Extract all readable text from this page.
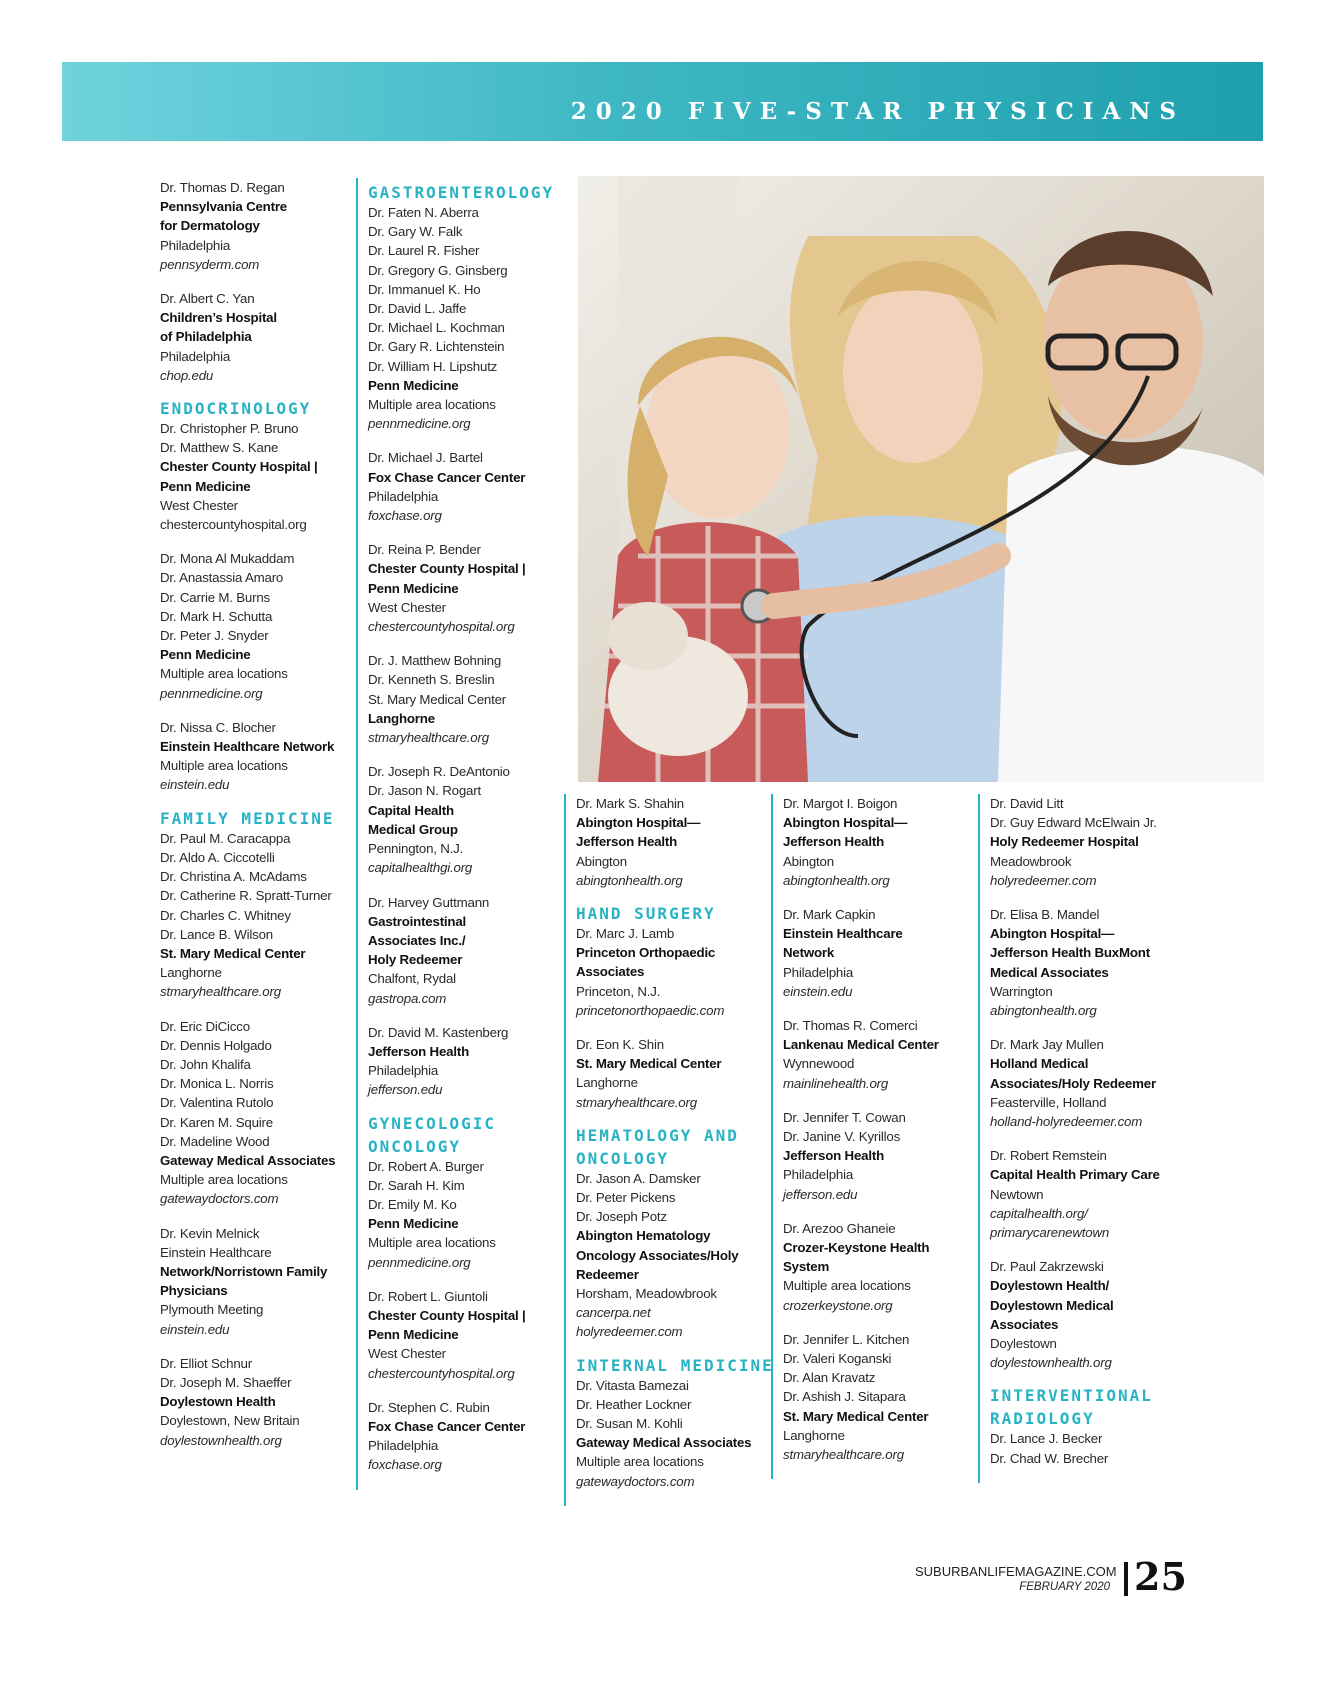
2020 FIVE-STAR PHYSICIANS
Dr. Thomas D. Regan
Pennsylvania Centre
for Dermatology
Philadelphia
pennsyderm.com
Dr. Albert C. Yan
Children’s Hospital
of Philadelphia
Philadelphia
chop.edu
ENDOCRINOLOGY
Dr. Christopher P. Bruno
Dr. Matthew S. Kane
Chester County Hospital |
Penn Medicine
West Chester
chestercountyhospital.org
Dr. Mona Al Mukaddam
Dr. Anastassia Amaro
Dr. Carrie M. Burns
Dr. Mark H. Schutta
Dr. Peter J. Snyder
Penn Medicine
Multiple area locations
pennmedicine.org
Dr. Nissa C. Blocher
Einstein Healthcare Network
Multiple area locations
einstein.edu
FAMILY MEDICINE
Dr. Paul M. Caracappa
Dr. Aldo A. Ciccotelli
Dr. Christina A. McAdams
Dr. Catherine R. Spratt-Turner
Dr. Charles C. Whitney
Dr. Lance B. Wilson
St. Mary Medical Center
Langhorne
stmaryhealthcare.org
Dr. Eric DiCicco
Dr. Dennis Holgado
Dr. John Khalifa
Dr. Monica L. Norris
Dr. Valentina Rutolo
Dr. Karen M. Squire
Dr. Madeline Wood
Gateway Medical Associates
Multiple area locations
gatewaydoctors.com
Dr. Kevin Melnick
Einstein Healthcare
Network/Norristown Family
Physicians
Plymouth Meeting
einstein.edu
Dr. Elliot Schnur
Dr. Joseph M. Shaeffer
Doylestown Health
Doylestown, New Britain
doylestownhealth.org
GASTROENTEROLOGY
Dr. Faten N. Aberra
Dr. Gary W. Falk
Dr. Laurel R. Fisher
Dr. Gregory G. Ginsberg
Dr. Immanuel K. Ho
Dr. David L. Jaffe
Dr. Michael L. Kochman
Dr. Gary R. Lichtenstein
Dr. William H. Lipshutz
Penn Medicine
Multiple area locations
pennmedicine.org
Dr. Michael J. Bartel
Fox Chase Cancer Center
Philadelphia
foxchase.org
Dr. Reina P. Bender
Chester County Hospital |
Penn Medicine
West Chester
chestercountyhospital.org
Dr. J. Matthew Bohning
Dr. Kenneth S. Breslin
St. Mary Medical Center
Langhorne
stmaryhealthcare.org
Dr. Joseph R. DeAntonio
Dr. Jason N. Rogart
Capital Health
Medical Group
Pennington, N.J.
capitalhealthgi.org
Dr. Harvey Guttmann
Gastrointestinal
Associates Inc./
Holy Redeemer
Chalfont, Rydal
gastropa.com
Dr. David M. Kastenberg
Jefferson Health
Philadelphia
jefferson.edu
GYNECOLOGIC
ONCOLOGY
Dr. Robert A. Burger
Dr. Sarah H. Kim
Dr. Emily M. Ko
Penn Medicine
Multiple area locations
pennmedicine.org
Dr. Robert L. Giuntoli
Chester County Hospital |
Penn Medicine
West Chester
chestercountyhospital.org
Dr. Stephen C. Rubin
Fox Chase Cancer Center
Philadelphia
foxchase.org
Dr. Mark S. Shahin
Abington Hospital—
Jefferson Health
Abington
abingtonhealth.org
HAND SURGERY
Dr. Marc J. Lamb
Princeton Orthopaedic
Associates
Princeton, N.J.
princetonorthopaedic.com
Dr. Eon K. Shin
St. Mary Medical Center
Langhorne
stmaryhealthcare.org
HEMATOLOGY AND
ONCOLOGY
Dr. Jason A. Damsker
Dr. Peter Pickens
Dr. Joseph Potz
Abington Hematology
Oncology Associates/Holy
Redeemer
Horsham, Meadowbrook
cancerpa.net
holyredeemer.com
INTERNAL MEDICINE
Dr. Vitasta Bamezai
Dr. Heather Lockner
Dr. Susan M. Kohli
Gateway Medical Associates
Multiple area locations
gatewaydoctors.com
Dr. Margot I. Boigon
Abington Hospital—
Jefferson Health
Abington
abingtonhealth.org
Dr. Mark Capkin
Einstein Healthcare
Network
Philadelphia
einstein.edu
Dr. Thomas R. Comerci
Lankenau Medical Center
Wynnewood
mainlinehealth.org
Dr. Jennifer T. Cowan
Dr. Janine V. Kyrillos
Jefferson Health
Philadelphia
jefferson.edu
Dr. Arezoo Ghaneie
Crozer-Keystone Health
System
Multiple area locations
crozerkeystone.org
Dr. Jennifer L. Kitchen
Dr. Valeri Koganski
Dr. Alan Kravatz
Dr. Ashish J. Sitapara
St. Mary Medical Center
Langhorne
stmaryhealthcare.org
Dr. David Litt
Dr. Guy Edward McElwain Jr.
Holy Redeemer Hospital
Meadowbrook
holyredeemer.com
Dr. Elisa B. Mandel
Abington Hospital—
Jefferson Health BuxMont
Medical Associates
Warrington
abingtonhealth.org
Dr. Mark Jay Mullen
Holland Medical
Associates/Holy Redeemer
Feasterville, Holland
holland-holyredeemer.com
Dr. Robert Remstein
Capital Health Primary Care
Newtown
capitalhealth.org/
primarycarenewtown
Dr. Paul Zakrzewski
Doylestown Health/
Doylestown Medical
Associates
Doylestown
doylestownhealth.org
INTERVENTIONAL
RADIOLOGY
Dr. Lance J. Becker
Dr. Chad W. Brecher
SUBURBANLIFEMAGAZINE.COM
FEBRUARY 2020 25
